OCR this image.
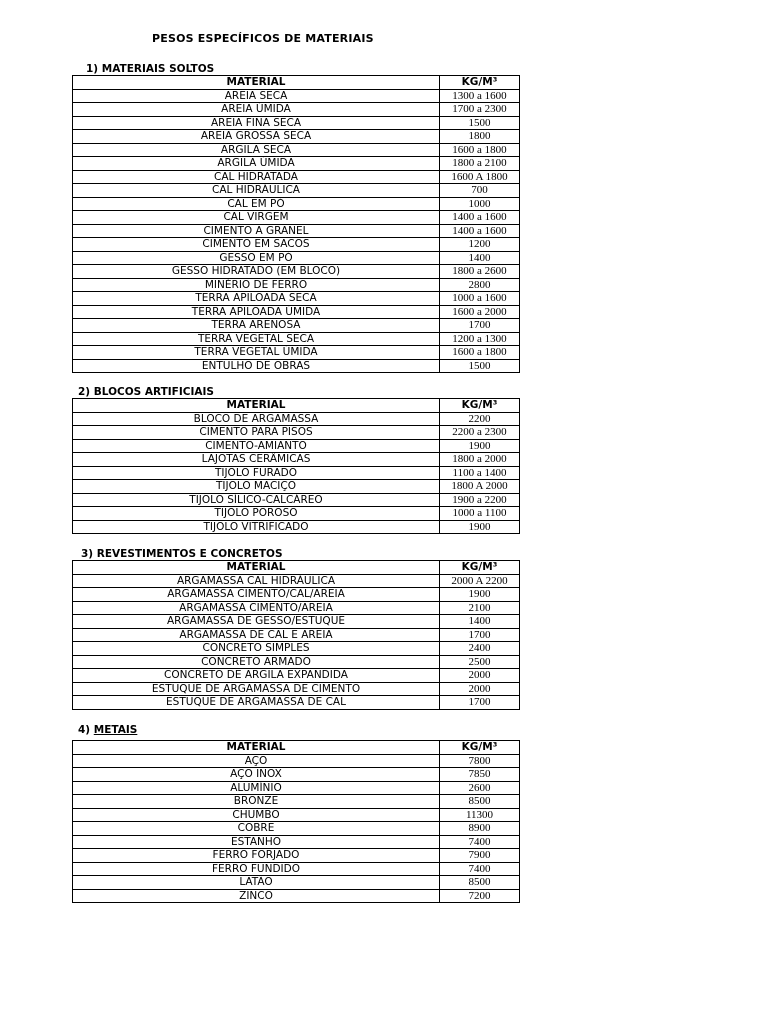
PESOS ESPECÍFICOS DE MATERIAIS
1) MATERIAIS SOLTOS
MATERIAL	KG/M³
AREIA SECA	1300 a 1600
AREIA ÚMIDA	1700 a 2300
AREIA FINA SECA	1500
AREIA GROSSA SECA	1800
ARGILA SECA	1600 a 1800
ARGILA ÚMIDA	1800 a 2100
CAL HIDRATADA	1600 A 1800
CAL HIDRÁULICA	700
CAL EM PÓ	1000
CAL VIRGEM	1400 a 1600
CIMENTO A GRANEL	1400 a 1600
CIMENTO EM SACOS	1200
GESSO EM PÓ	1400
GESSO HIDRATADO (EM BLOCO)	1800 a 2600
MINÉRIO DE FERRO	2800
TERRA APILOADA SECA	1000 a 1600
TERRA APILOADA ÚMIDA	1600 a 2000
TERRA ARENOSA	1700
TERRA VEGETAL SECA	1200 a 1300
TERRA VEGETAL ÚMIDA	1600 a 1800
ENTULHO DE OBRAS	1500
2) BLOCOS ARTIFICIAIS
MATERIAL	KG/M³
BLOCO DE ARGAMASSA	2200
CIMENTO PARA PISOS	2200 a 2300
CIMENTO-AMIANTO	1900
LAJOTAS CERÂMICAS	1800 a 2000
TIJOLO FURADO	1100 a 1400
TIJOLO MACIÇO	1800 A 2000
TIJOLO SÍLICO-CALCÁREO	1900 a 2200
TIJOLO POROSO	1000 a 1100
TIJOLO VITRIFICADO	1900
3) REVESTIMENTOS E CONCRETOS
MATERIAL	KG/M³
ARGAMASSA CAL HIDRÁULICA	2000 A 2200
ARGAMASSA CIMENTO/CAL/AREIA	1900
ARGAMASSA CIMENTO/AREIA	2100
ARGAMASSA DE GESSO/ESTUQUE	1400
ARGAMASSA DE CAL E AREIA	1700
CONCRETO SIMPLES	2400
CONCRETO ARMADO	2500
CONCRETO DE ARGILA EXPANDIDA	2000
ESTUQUE DE ARGAMASSA DE CIMENTO	2000
ESTUQUE DE ARGAMASSA DE CAL	1700
4) METAIS
MATERIAL	KG/M³
AÇO	7800
AÇO INOX	7850
ALUMÍNIO	2600
BRONZE	8500
CHUMBO	11300
COBRE	8900
ESTANHO	7400
FERRO FORJADO	7900
FERRO FUNDIDO	7400
LATÃO	8500
ZINCO	7200
